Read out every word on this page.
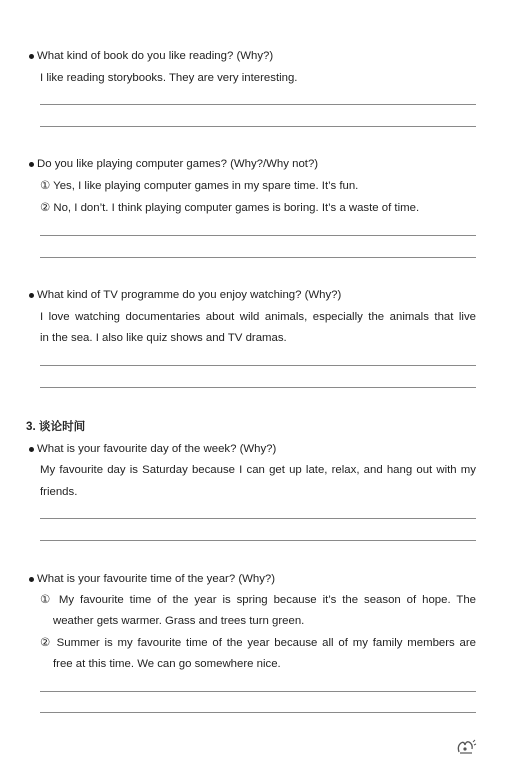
What kind of book do you like reading? (Why?)
I like reading storybooks. They are very interesting.
Do you like playing computer games? (Why?/Why not?)
① Yes, I like playing computer games in my spare time. It’s fun.
② No, I don’t. I think playing computer games is boring. It’s a waste of time.
What kind of TV programme do you enjoy watching? (Why?)
I love watching documentaries about wild animals, especially the animals that live
in the sea. I also like quiz shows and TV dramas.
3. 谈论时间
What is your favourite day of the week? (Why?)
My favourite day is Saturday because I can get up late, relax, and hang out with my
friends.
What is your favourite time of the year? (Why?)
① My favourite time of the year is spring because it’s the season of hope. The
weather gets warmer. Grass and trees turn green.
② Summer is my favourite time of the year because all of my family members are
free at this time. We can go somewhere nice.
